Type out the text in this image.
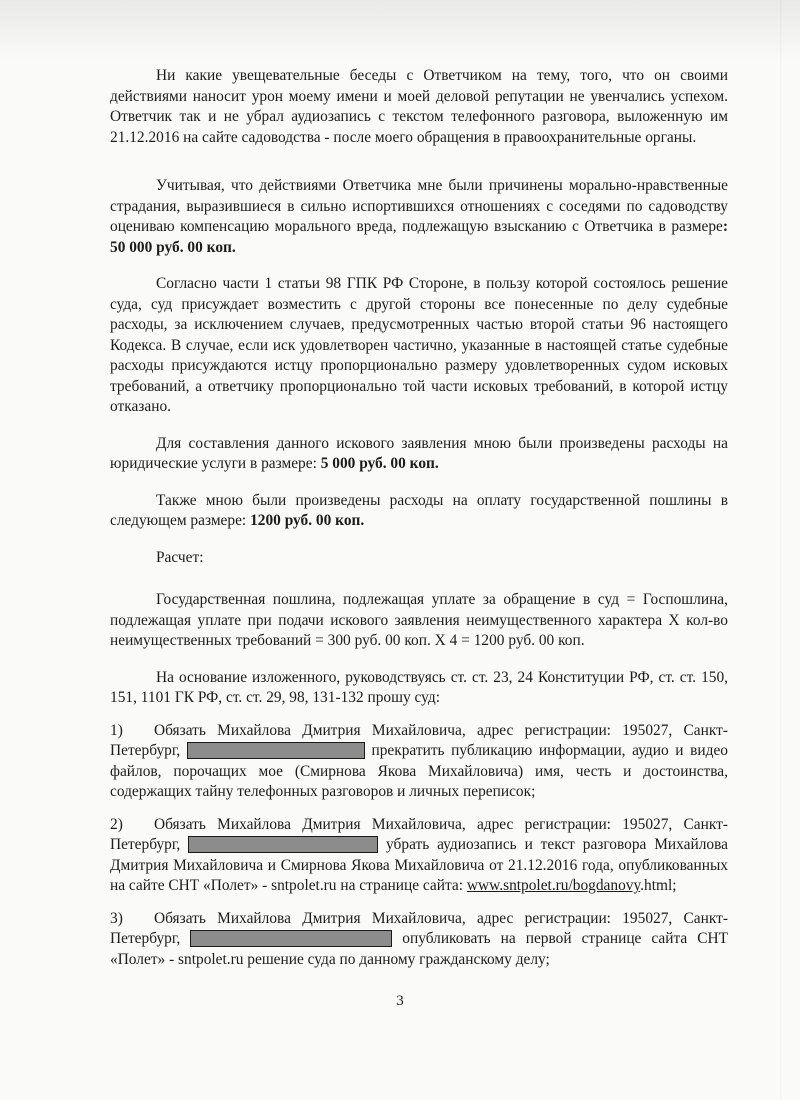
Ни какие увещевательные беседы с Ответчиком на тему, того, что он своими действиями наносит урон моему имени и моей деловой репутации не увенчались успехом. Ответчик так и не убрал аудиозапись с текстом телефонного разговора, выложенную им 21.12.2016 на сайте садоводства - после моего обращения в правоохранительные органы.

Учитывая, что действиями Ответчика мне были причинены морально-нравственные страдания, выразившиеся в сильно испортившихся отношениях с соседями по садоводству оцениваю компенсацию морального вреда, подлежащую взысканию с Ответчика в размере: 50 000 руб. 00 коп.

Согласно части 1 статьи 98 ГПК РФ Стороне, в пользу которой состоялось решение суда, суд присуждает возместить с другой стороны все понесенные по делу судебные расходы, за исключением случаев, предусмотренных частью второй статьи 96 настоящего Кодекса. В случае, если иск удовлетворен частично, указанные в настоящей статье судебные расходы присуждаются истцу пропорционально размеру удовлетворенных судом исковых требований, а ответчику пропорционально той части исковых требований, в которой истцу отказано.

Для составления данного искового заявления мною были произведены расходы на юридические услуги в размере: 5 000 руб. 00 коп.

Также мною были произведены расходы на оплату государственной пошлины в следующем размере: 1200 руб. 00 коп.

Расчет:

Государственная пошлина, подлежащая уплате за обращение в суд = Госпошлина, подлежащая уплате при подачи искового заявления неимущественного характера Х кол-во неимущественных требований = 300 руб. 00 коп. Х 4 = 1200 руб. 00 коп.

На основание изложенного, руководствуясь ст. ст. 23, 24 Конституции РФ, ст. ст. 150, 151, 1101 ГК РФ, ст. ст. 29, 98, 131-132 прошу суд:

1) Обязать Михайлова Дмитрия Михайловича, адрес регистрации: 195027, Санкт-Петербург,	прекратить публикацию информации, аудио и видео файлов, порочащих мое (Смирнова Якова Михайловича) имя, честь и достоинства, содержащих тайну телефонных разговоров и личных переписок;

2) Обязать Михайлова Дмитрия Михайловича, адрес регистрации: 195027, Санкт-Петербург,	убрать аудиозапись и текст разговора Михайлова Дмитрия Михайловича и Смирнова Якова Михайловича от 21.12.2016 года, опубликованных на сайте СНТ «Полет» - sntpolet.ru на странице сайта: www.sntpolet.ru/bogdanovy.html;

3) Обязать Михайлова Дмитрия Михайловича, адрес регистрации: 195027, Санкт-Петербург,	опубликовать на первой странице сайта СНТ «Полет» - sntpolet.ru решение суда по данному гражданскому делу;

3
